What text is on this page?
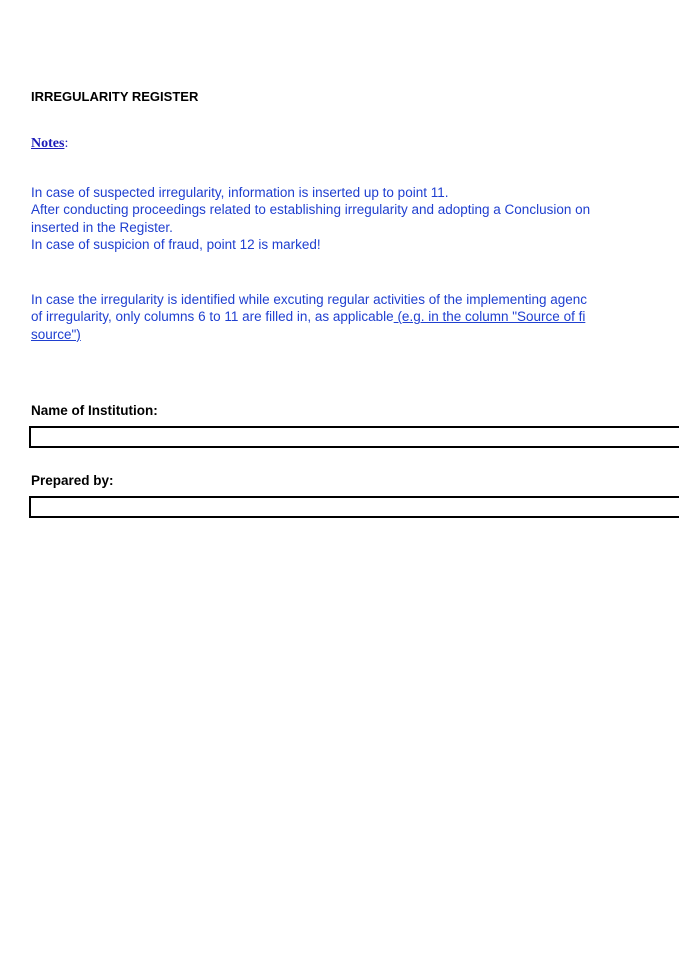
IRREGULARITY REGISTER
Notes:
In case of suspected irregularity, information is inserted up to point 11.
After conducting proceedings related to establishing irregularity and adopting a Conclusion on
inserted in the Register.
In case of suspicion of fraud, point 12 is marked!
In case the irregularity is identified while excuting regular activities of the implementing agenc
of irregularity, only columns 6 to 11 are filled in, as applicable (e.g. in the column "Source of fi
source")
Name of Institution:
Prepared by:
